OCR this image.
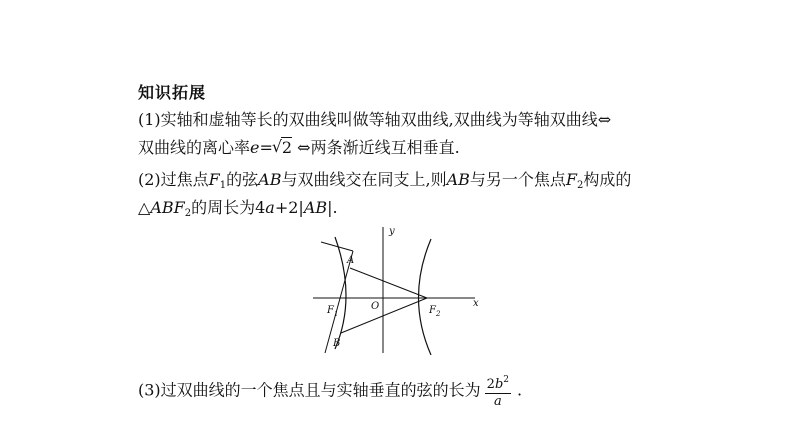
知识拓展
(1)实轴和虚轴等长的双曲线叫做等轴双曲线,双曲线为等轴双曲线⇔
双曲线的离心率e=√ 2 ⇔两条渐近线互相垂直.
(2)过焦点$F_1$的弦AB与双曲线交在同支上,则AB与另一个焦点$F_2$构成的
$\triangle ABF_2$的周长为4a+2|AB|.
y
x
O
A
B
$F_1$	$F_2$
(3)过双曲线的一个焦点且与实轴垂直的弦的长为 $\frac{2b^2}{a}$ .
